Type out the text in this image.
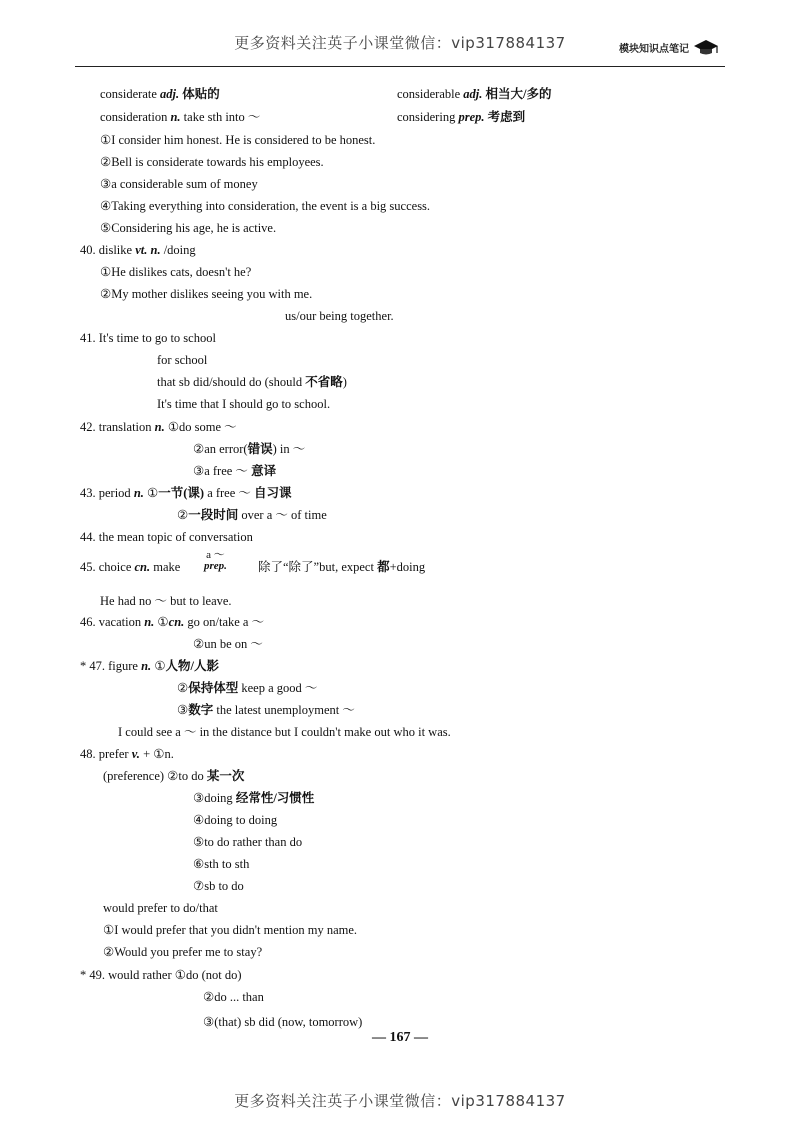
更多资料关注英子小课堂微信：vip317884137	模块知识点笔记
considerate adj. 体贴的	considerable adj. 相当大/多的
consideration n. take sth into ～	considering prep. 考虑到
①I consider him honest. He is considered to be honest.
②Bell is considerate towards his employees.
③a considerable sum of money
④Taking everything into consideration, the event is a big success.
⑤Considering his age, he is active.
40. dislike vt. n. /doing
①He dislikes cats, doesn't he?
②My mother dislikes seeing you with me.
us/our being together.
41. It's time to go to school
for school
that sb did/should do (should 不省略)
It's time that I should go to school.
42. translation n. ①do some ～
②an error(错误) in ～
③a free ～ 意译
43. period n. ①一节(课) a free ～ 自习课
②一段时间 over a ～ of time
44. the mean topic of conversation
45. choice cn. make	除了“除了”but, expect 都+doing
He had no ～ but to leave.
46. vacation n. ①cn. go on/take a ～
②un be on ～
* 47. figure n. ①人物/人影
②保持体型 keep a good ～
③数字 the latest unemployment ～
I could see a ～ in the distance but I couldn't make out who it was.
48. prefer v. + ①n.
(preference) ②to do 某一次
③doing 经常性/习惯性
④doing to doing
⑤to do rather than do
⑥sth to sth
⑦sb to do
would prefer to do/that
①I would prefer that you didn't mention my name.
②Would you prefer me to stay?
* 49. would rather ①do (not do)
②do ... than
③(that) sb did (now, tomorrow)
a ～
prep.
— 167 —
更多资料关注英子小课堂微信：vip317884137
